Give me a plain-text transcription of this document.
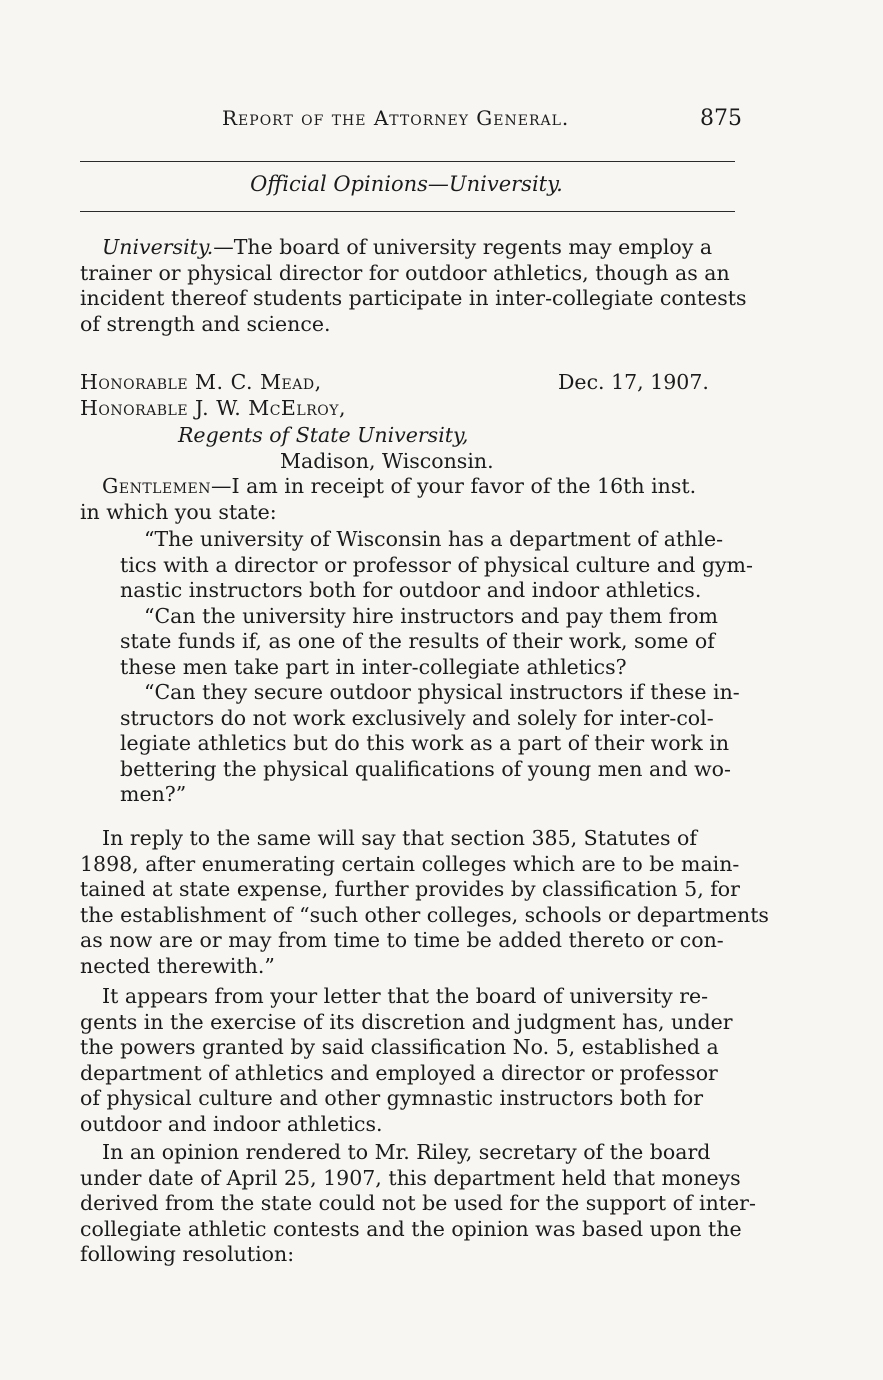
Report of the Attorney General.	875
Official Opinions—University.

University.—The board of university regents may employ a

trainer or physical director for outdoor athletics, though as an

incident thereof students participate in inter-collegiate contests

of strength and science.

Honorable M. C. Mead,	Dec. 17, 1907.
Honorable J. W. McElroy,
Regents of State University,
Madison, Wisconsin.

Gentlemen—I am in receipt of your favor of the 16th inst.

in which you state:

“The university of Wisconsin has a department of athle-

tics with a director or professor of physical culture and gym-

nastic instructors both for outdoor and indoor athletics.

“Can the university hire instructors and pay them from

state funds if, as one of the results of their work, some of

these men take part in inter-collegiate athletics?

“Can they secure outdoor physical instructors if these in-

structors do not work exclusively and solely for inter-col-

legiate athletics but do this work as a part of their work in

bettering the physical qualifications of young men and wo-

men?”

In reply to the same will say that section 385, Statutes of

1898, after enumerating certain colleges which are to be main-

tained at state expense, further provides by classification 5, for

the establishment of “such other colleges, schools or departments

as now are or may from time to time be added thereto or con-

nected therewith.”

It appears from your letter that the board of university re-

gents in the exercise of its discretion and judgment has, under

the powers granted by said classification No. 5, established a

department of athletics and employed a director or professor

of physical culture and other gymnastic instructors both for

outdoor and indoor athletics.

In an opinion rendered to Mr. Riley, secretary of the board

under date of April 25, 1907, this department held that moneys

derived from the state could not be used for the support of inter-

collegiate athletic contests and the opinion was based upon the

following resolution:
